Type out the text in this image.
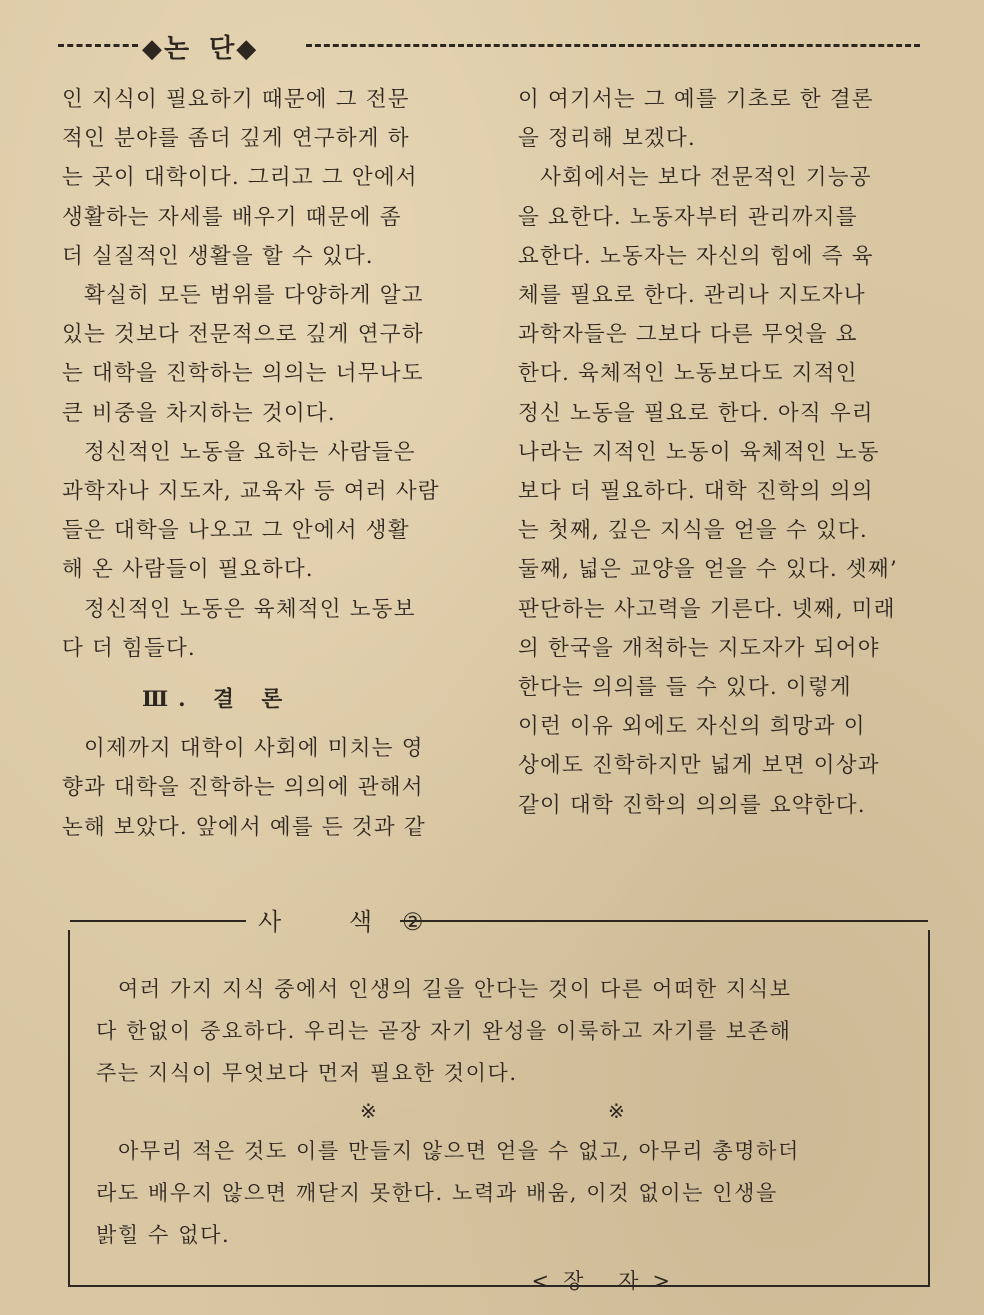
◆논 단◆
인 지식이 필요하기 때문에 그 전문
적인 분야를 좀더 깊게 연구하게 하
는 곳이 대학이다. 그리고 그 안에서
생활하는 자세를 배우기 때문에 좀
더 실질적인 생활을 할 수 있다.
확실히 모든 범위를 다양하게 알고
있는 것보다 전문적으로 깊게 연구하
는 대학을 진학하는 의의는 너무나도
큰 비중을 차지하는 것이다.
정신적인 노동을 요하는 사람들은
과학자나 지도자, 교육자 등 여러 사람
들은 대학을 나오고 그 안에서 생활
해 온 사람들이 필요하다.
정신적인 노동은 육체적인 노동보
다 더 힘들다.
Ⅲ. 결 론
이제까지 대학이 사회에 미치는 영
향과 대학을 진학하는 의의에 관해서
논해 보았다. 앞에서 예를 든 것과 같
이 여기서는 그 예를 기초로 한 결론
을 정리해 보겠다.
사회에서는 보다 전문적인 기능공
을 요한다. 노동자부터 관리까지를
요한다. 노동자는 자신의 힘에 즉 육
체를 필요로 한다. 관리나 지도자나
과학자들은 그보다 다른 무엇을 요
한다. 육체적인 노동보다도 지적인
정신 노동을 필요로 한다. 아직 우리
나라는 지적인 노동이 육체적인 노동
보다 더 필요하다. 대학 진학의 의의
는 첫째, 깊은 지식을 얻을 수 있다.
둘째, 넓은 교양을 얻을 수 있다. 셋째’
판단하는 사고력을 기른다. 넷째, 미래
의 한국을 개척하는 지도자가 되어야
한다는 의의를 들 수 있다. 이렇게
이런 이유 외에도 자신의 희망과 이
상에도 진학하지만 넓게 보면 이상과
같이 대학 진학의 의의를 요약한다.
사 색②
여러 가지 지식 중에서 인생의 길을 안다는 것이 다른 어떠한 지식보
다 한없이 중요하다. 우리는 곧장 자기 완성을 이룩하고 자기를 보존해
주는 지식이 무엇보다 먼저 필요한 것이다.
※	※
아무리 적은 것도 이를 만들지 않으면 얻을 수 없고, 아무리 총명하더
라도 배우지 않으면 깨닫지 못한다. 노력과 배움, 이것 없이는 인생을
밝힐 수 없다.
<장 자>
